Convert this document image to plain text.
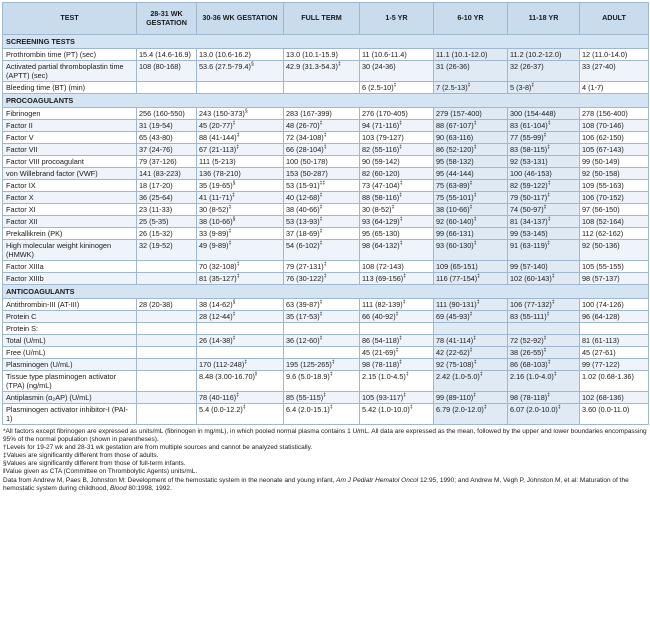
TEST	28-31 WK GESTATION	30-36 WK GESTATION	FULL TERM	1-5 YR	6-10 YR	11-18 YR	ADULT
SCREENING TESTS							
Prothrombin time (PT) (sec)	15.4 (14.6-16.9)	13.0 (10.6-16.2)	13.0 (10.1-15.9)	11 (10.6-11.4)	11.1 (10.1-12.0)	11.2 (10.2-12.0)	12 (11.0-14.0)
Activated partial thromboplastin time (APTT) (sec)	108 (80-168)	53.6 (27.5-79.4)§	42.9 (31.3-54.3)‡	30 (24-36)	31 (26-36)	32 (26-37)	33 (27-40)
Bleeding time (BT) (min)				6 (2.5-10)‡	7 (2.5-13)‡	5 (3-8)‡	4 (1-7)
PROCOAGULANTS							
Fibrinogen	256 (160-550)	243 (150-373)§	283 (167-399)	276 (170-405)	279 (157-400)	300 (154-448)	278 (156-400)
Factor II	31 (19-54)	45 (20-77)‡	48 (26-70)‡	94 (71-116)‡	88 (67-107)‡	83 (61-104)‡	108 (70-146)
Factor V	65 (43-80)	88 (41-144)‡	72 (34-108)‡	103 (79-127)	90 (63-116)	77 (55-99)‡	106 (62-150)
Factor VII	37 (24-76)	67 (21-113)‡	66 (28-104)‡	82 (55-116)‡	86 (52-120)‡	83 (58-115)‡	105 (67-143)
Factor VIII procoagulant	79 (37-126)	111 (5-213)	100 (50-178)	90 (59-142)	95 (58-132)	92 (53-131)	99 (50-149)
von Willebrand factor (VWF)	141 (83-223)	136 (78-210)	153 (50-287)	82 (60-120)	95 (44-144)	100 (46-153)	92 (50-158)
Factor IX	18 (17-20)	35 (19-65)§	53 (15-91)‡‡	73 (47-104)‡	75 (63-89)‡	82 (59-122)‡	109 (55-163)
Factor X	36 (25-64)	41 (11-71)‡	40 (12-68)‡	88 (58-116)‡	75 (55-101)‡	79 (50-117)‡	106 (70-152)
Factor XI	23 (11-33)	30 (8-52)‡	38 (40-66)‡	30 (8-52)‡	38 (10-66)‡	74 (50-97)‡	97 (56-150)
Factor XII	25 (5-35)	38 (10-66)§	53 (13-93)‡	93 (64-129)‡	92 (60-140)‡	81 (34-137)‡	108 (52-164)
Prekallikrein (PK)	26 (15-32)	33 (9-89)‡	37 (18-69)‡	95 (65-130)	99 (66-131)	99 (53-145)	112 (62-162)
High molecular weight kininogen (HMWK)	32 (19-52)	49 (9-89)‡	54 (6-102)‡	98 (64-132)‡	93 (60-130)‡	91 (63-119)‡	92 (50-136)
Factor XIIIa		70 (32-108)‡	79 (27-131)‡	108 (72-143)	109 (65-151)	99 (57-140)	105 (55-155)
Factor XIIIb		81 (35-127)‡	76 (30-122)‡	113 (69-156)‡	116 (77-154)‡	102 (60-143)‡	98 (57-137)
ANTICOAGULANTS							
Antithrombin-III (AT-III)	28 (20-38)	38 (14-62)§	63 (39-87)‡	111 (82-139)‡	111 (90-131)‡	106 (77-132)‡	100 (74-126)
Protein C		28 (12-44)‡	35 (17-53)‡	66 (40-92)‡	69 (45-93)‡	83 (55-111)‡	96 (64-128)
Protein S:							
Total (U/mL)		26 (14-38)‡	36 (12-60)‡	86 (54-118)‡	78 (41-114)‡	72 (52-92)‡	81 (61-113)
Free (U/mL)				45 (21-69)‡	42 (22-62)‡	38 (26-55)‡	45 (27-61)
Plasminogen (U/mL)		170 (112-248)‡	195 (125-265)‡	98 (78-118)‡	92 (75-108)‡	86 (68-103)‡	99 (77-122)
Tissue type plasminogen activator (TPA) (ng/mL)		8.48 $(3.00-16.70)^ǁ$	9.6 (5.0-18.9)‡	2.15 (1.0-4.5)‡	2.42 (1.0-5.0)‡	2.16 (1.0-4.0)‡	1.02 (0.68-1.36)
Antiplasmin (α₂AP) (U/mL)		78 (40-116)‡	85 (55-115)‡	105 (93-117)‡	99 (89-110)‡	98 (78-118)‡	102 (68-136)
Plasminogen activator inhibitor-I (PAI-1)		5.4 (0.0-12.2)‡	6.4 (2.0-15.1)‡	5.42 (1.0-10.0)‡	6.79 (2.0-12.0)‡	6.07 (2.0-10.0)‡	3.60 (0.0-11.0)

*All factors except fibrinogen are expressed as units/mL (fibrinogen in mg/mL), in which pooled normal plasma contains 1 U/mL. All data are expressed as the mean, followed by the upper and lower boundaries encompassing 95% of the normal population (shown in parentheses).

†Levels for 19-27 wk and 28-31 wk gestation are from multiple sources and cannot be analyzed statistically.

‡Values are significantly different from those of adults.

§Values are significantly different from those of full-term infants.

ǁValue given as CTA (Committee on Thrombolytic Agents) units/mL.

Data from Andrew M, Paes B, Johnston M: Development of the hemostatic system in the neonate and young infant, Am J Pediatr Hematol Oncol 12:95, 1990; and Andrew M, Vegh P, Johnston M, et al: Maturation of the hemostatic system during childhood, Blood 80:1998, 1992.
